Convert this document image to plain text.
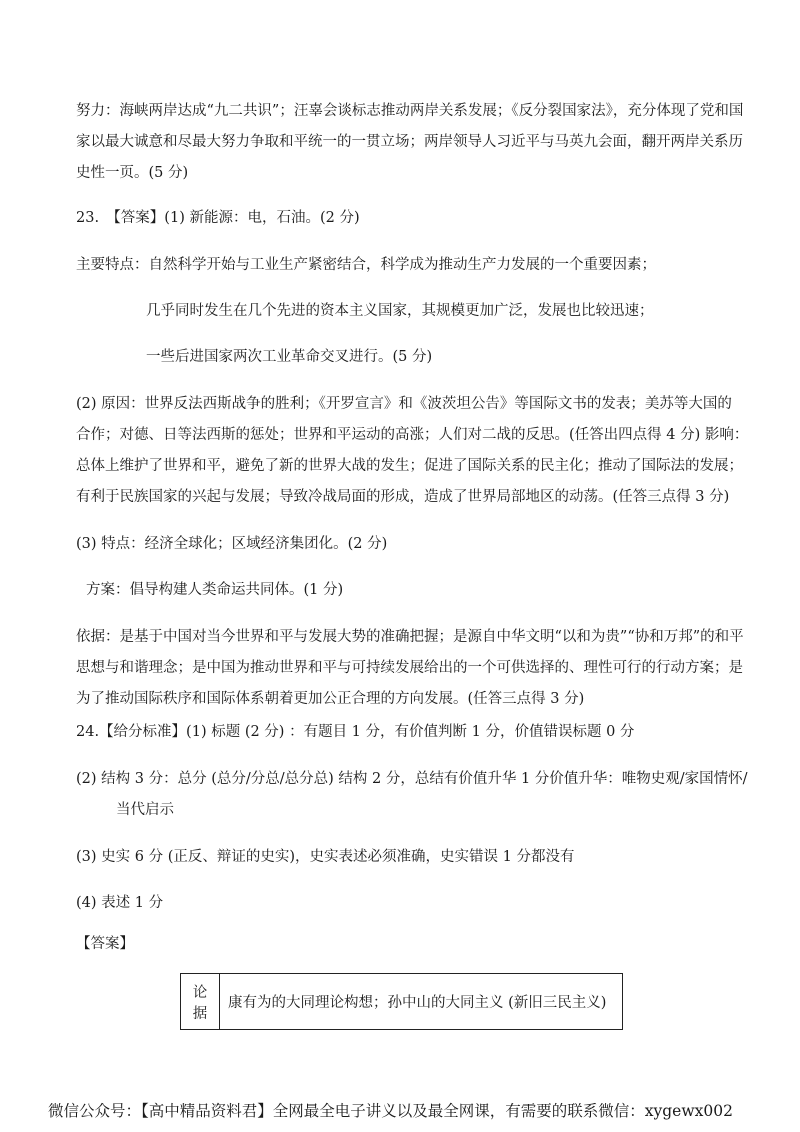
努力：海峡两岸达成“九二共识”；汪辜会谈标志推动两岸关系发展；《反分裂国家法》，充分体现了党和国
家以最大诚意和尽最大努力争取和平统一的一贯立场；两岸领导人习近平与马英九会面，翻开两岸关系历
史性一页。(5 分)
23.　【答案】(1) 新能源：电，石油。(2 分)
主要特点：自然科学开始与工业生产紧密结合，科学成为推动生产力发展的一个重要因素；
几乎同时发生在几个先进的资本主义国家，其规模更加广泛，发展也比较迅速；
一些后进国家两次工业革命交叉进行。(5 分)
(2) 原因：世界反法西斯战争的胜利；《开罗宣言》和《波茨坦公告》等国际文书的发表；美苏等大国的
合作；对德、日等法西斯的惩处；世界和平运动的高涨；人们对二战的反思。(任答出四点得 4 分) 影响：
总体上维护了世界和平，避免了新的世界大战的发生；促进了国际关系的民主化；推动了国际法的发展；
有利于民族国家的兴起与发展；导致冷战局面的形成，造成了世界局部地区的动荡。(任答三点得 3 分)
(3) 特点：经济全球化；区域经济集团化。(2 分)
方案：倡导构建人类命运共同体。(1 分)
依据：是基于中国对当今世界和平与发展大势的准确把握；是源自中华文明“以和为贵”“协和万邦”的和平
思想与和谐理念；是中国为推动世界和平与可持续发展给出的一个可供选择的、理性可行的行动方案；是
为了推动国际秩序和国际体系朝着更加公正合理的方向发展。(任答三点得 3 分)
24.【给分标准】(1) 标题 (2 分) ：有题目 1 分，有价值判断 1 分，价值错误标题 0 分
(2) 结构 3 分：总分 (总分/分总/总分总) 结构 2 分，总结有价值升华 1 分价值升华：唯物史观/家国情怀/
当代启示
(3) 史实 6 分 (正反、辩证的史实)，史实表述必须准确，史实错误 1 分都没有
(4) 表述 1 分
【答案】
论据	康有为的大同理论构想；孙中山的大同主义 (新旧三民主义)
微信公众号：【高中精品资料君】全网最全电子讲义以及最全网课，有需要的联系微信：xygewx002
